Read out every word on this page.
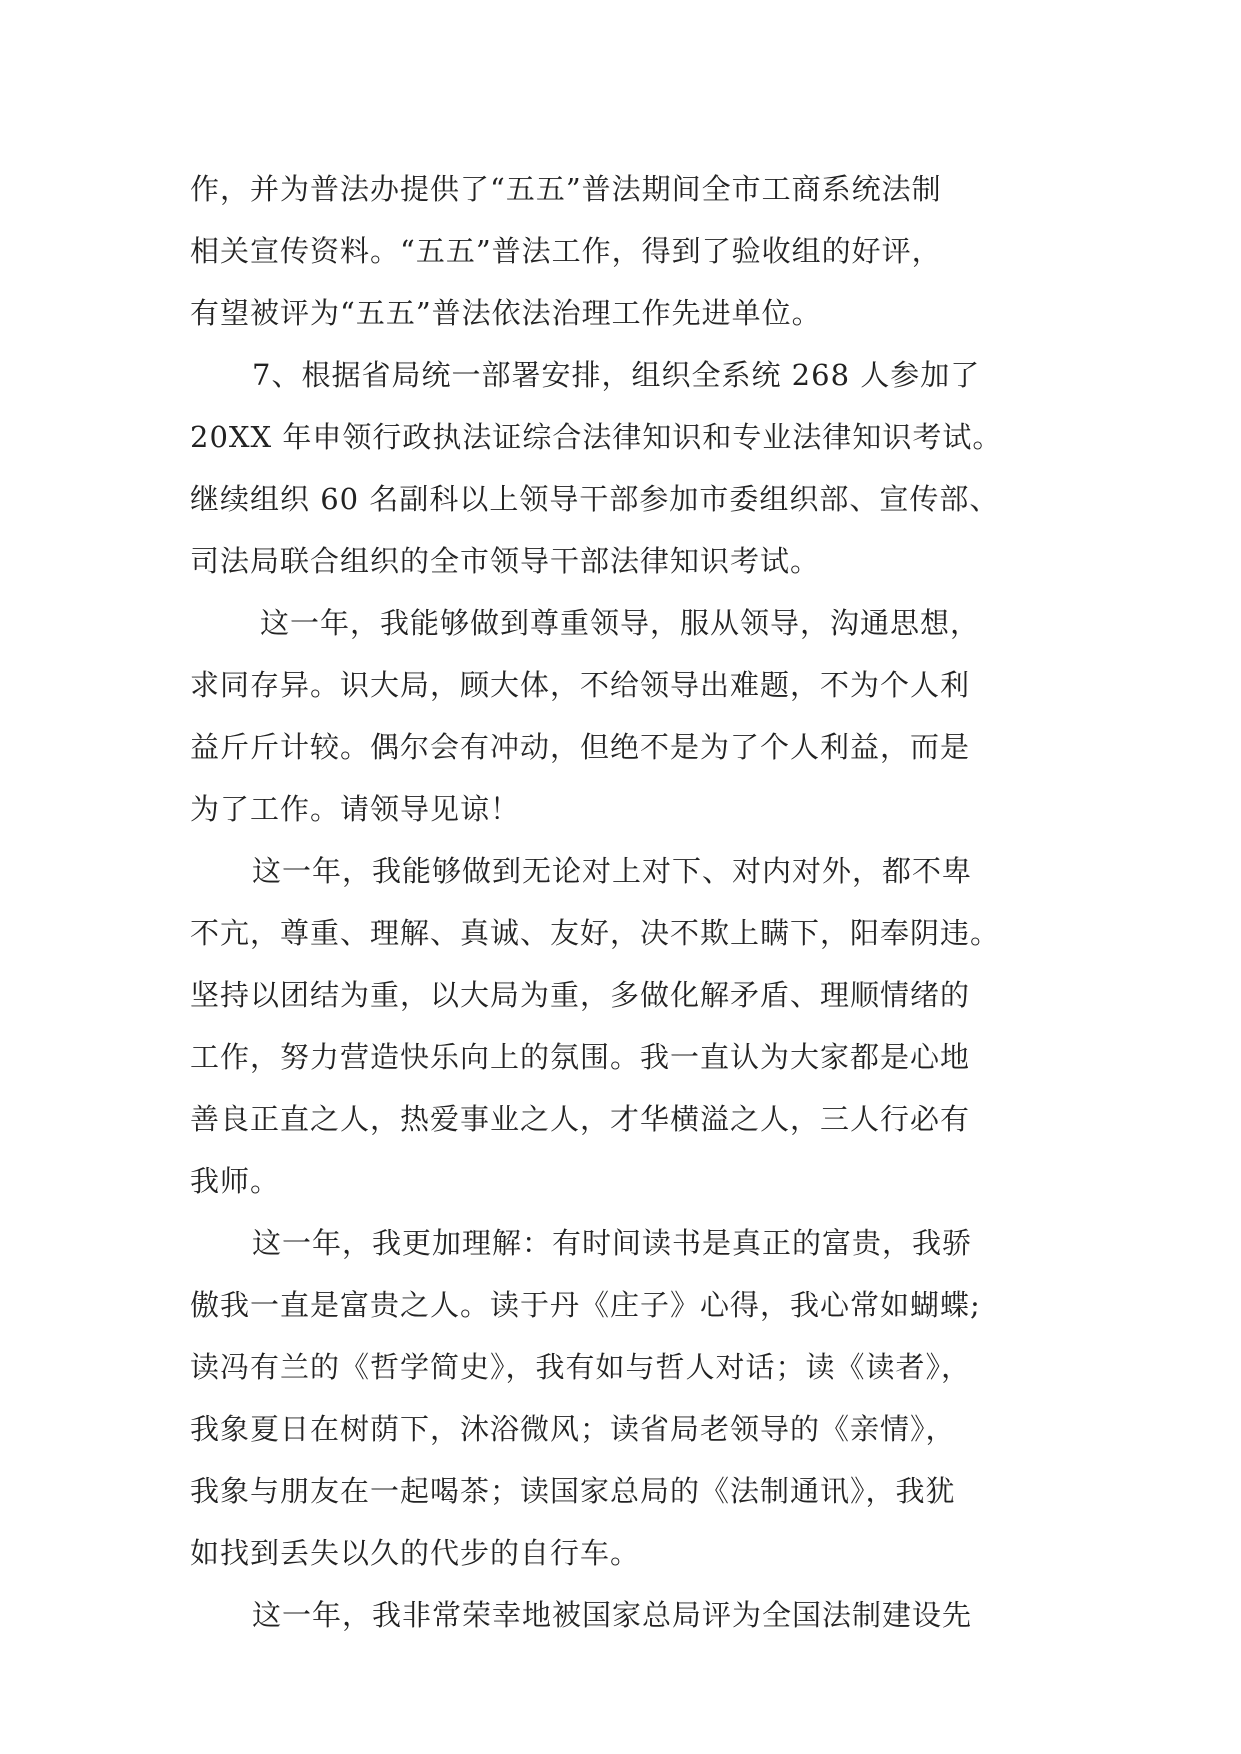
作，并为普法办提供了“五五”普法期间全市工商系统法制
相关宣传资料。“五五”普法工作，得到了验收组的好评，
有望被评为“五五”普法依法治理工作先进单位。
7、根据省局统一部署安排，组织全系统 268 人参加了
20XX 年申领行政执法证综合法律知识和专业法律知识考试。
继续组织 60 名副科以上领导干部参加市委组织部、宣传部、
司法局联合组织的全市领导干部法律知识考试。
这一年，我能够做到尊重领导，服从领导，沟通思想，
求同存异。识大局，顾大体，不给领导出难题，不为个人利
益斤斤计较。偶尔会有冲动，但绝不是为了个人利益，而是
为了工作。请领导见谅！
这一年，我能够做到无论对上对下、对内对外，都不卑
不亢，尊重、理解、真诚、友好，决不欺上瞒下，阳奉阴违。
坚持以团结为重，以大局为重，多做化解矛盾、理顺情绪的
工作，努力营造快乐向上的氛围。我一直认为大家都是心地
善良正直之人，热爱事业之人，才华横溢之人，三人行必有
我师。
这一年，我更加理解：有时间读书是真正的富贵，我骄
傲我一直是富贵之人。读于丹《庄子》心得，我心常如蝴蝶;
读冯有兰的《哲学简史》，我有如与哲人对话；读《读者》，
我象夏日在树荫下，沐浴微风；读省局老领导的《亲情》，
我象与朋友在一起喝茶；读国家总局的《法制通讯》，我犹
如找到丢失以久的代步的自行车。
这一年，我非常荣幸地被国家总局评为全国法制建设先
